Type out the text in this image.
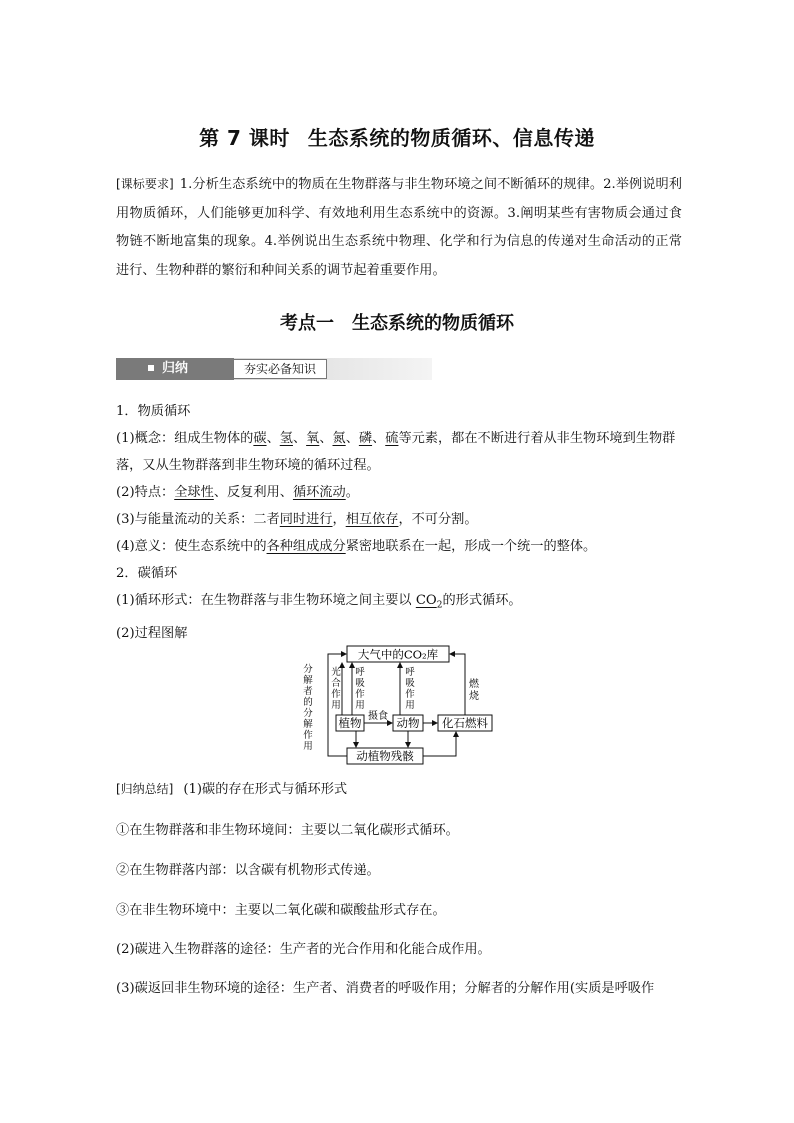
第 7 课时 生态系统的物质循环、信息传递
[课标要求] 1.分析生态系统中的物质在生物群落与非生物环境之间不断循环的规律。2.举例说明利用物质循环，人们能够更加科学、有效地利用生态系统中的资源。3.阐明某些有害物质会通过食物链不断地富集的现象。4.举例说出生态系统中物理、化学和行为信息的传递对生命活动的正常进行、生物种群的繁衍和种间关系的调节起着重要作用。
考点一 生态系统的物质循环
归纳	夯实必备知识

1．物质循环

(1)概念：组成生物体的碳、氢、氧、氮、磷、硫等元素，都在不断进行着从非生物环境到生物群落，又从生物群落到非生物环境的循环过程。

(2)特点：全球性、反复利用、循环流动。

(3)与能量流动的关系：二者同时进行，相互依存，不可分割。

(4)意义：使生态系统中的各种组成成分紧密地联系在一起，形成一个统一的整体。

2．碳循环

(1)循环形式：在生物群落与非生物环境之间主要以 $CO_2$的形式循环。

(2)过程图解

大气中的CO₂库
植物	动物 化石燃料
动植物残骸
分
解
者
的
分
解
作
用
光
合
作
用
呼
吸
作
用
呼
吸
作
用
摄食
燃
烧
[归纳总结] (1)碳的存在形式与循环形式
①在生物群落和非生物环境间：主要以二氧化碳形式循环。
②在生物群落内部：以含碳有机物形式传递。
③在非生物环境中：主要以二氧化碳和碳酸盐形式存在。
(2)碳进入生物群落的途径：生产者的光合作用和化能合成作用。
(3)碳返回非生物环境的途径：生产者、消费者的呼吸作用；分解者的分解作用(实质是呼吸作
